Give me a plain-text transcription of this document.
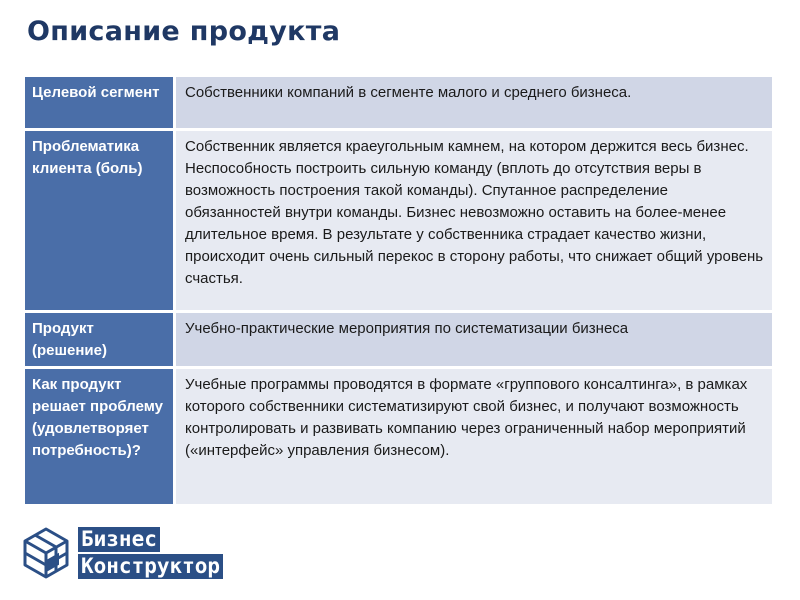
Описание продукта
Целевой сегмент	Собственники компаний в сегменте малого и среднего бизнеса.

Проблематика клиента (боль)	Собственник является краеугольным камнем, на котором держится весь бизнес. Неспособность построить сильную команду (вплоть до отсутствия веры в возможность построения такой команды). Спутанное распределение обязанностей внутри команды. Бизнес невозможно оставить на более-менее длительное время. В результате у собственника страдает качество жизни, происходит очень сильный перекос в сторону работы, что снижает общий уровень счастья.

Продукт (решение)	Учебно-практические мероприятия по систематизации бизнеса

Как продукт решает проблему (удовлетворяет потребность)?	Учебные программы проводятся в формате «группового консалтинга», в рамках которого собственники систематизируют свой бизнес, и получают возможность контролировать и развивать компанию через ограниченный набор мероприятий («интерфейс» управления бизнесом).
Бизнес
Конструктор
